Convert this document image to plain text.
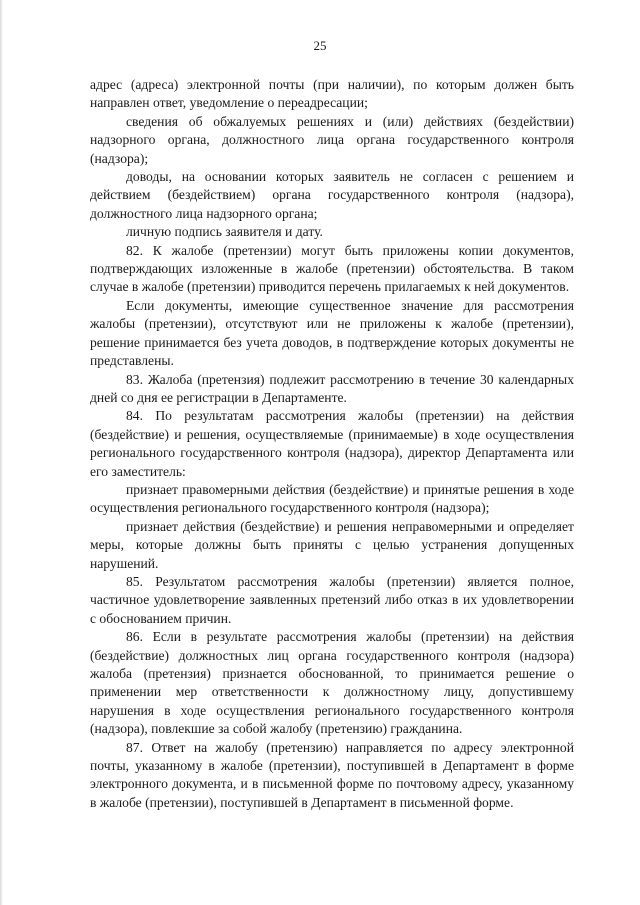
25

адрес (адреса) электронной почты (при наличии), по которым должен быть направлен ответ, уведомление о переадресации;

сведения об обжалуемых решениях и (или) действиях (бездействии) надзорного органа, должностного лица органа государственного контроля (надзора);

доводы, на основании которых заявитель не согласен с решением и действием (бездействием) органа государственного контроля (надзора), должностного лица надзорного органа;

личную подпись заявителя и дату.

82. К жалобе (претензии) могут быть приложены копии документов, подтверждающих изложенные в жалобе (претензии) обстоятельства. В таком случае в жалобе (претензии) приводится перечень прилагаемых к ней документов.

Если документы, имеющие существенное значение для рассмотрения жалобы (претензии), отсутствуют или не приложены к жалобе (претензии), решение принимается без учета доводов, в подтверждение которых документы не представлены.

83. Жалоба (претензия) подлежит рассмотрению в течение 30 календарных дней со дня ее регистрации в Департаменте.

84. По результатам рассмотрения жалобы (претензии) на действия (бездействие) и решения, осуществляемые (принимаемые) в ходе осуществления регионального государственного контроля (надзора), директор Департамента или его заместитель:

признает правомерными действия (бездействие) и принятые решения в ходе осуществления регионального государственного контроля (надзора);

признает действия (бездействие) и решения неправомерными и определяет меры, которые должны быть приняты с целью устранения допущенных нарушений.

85. Результатом рассмотрения жалобы (претензии) является полное, частичное удовлетворение заявленных претензий либо отказ в их удовлетворении с обоснованием причин.

86. Если в результате рассмотрения жалобы (претензии) на действия (бездействие) должностных лиц органа государственного контроля (надзора) жалоба (претензия) признается обоснованной, то принимается решение о применении мер ответственности к должностному лицу, допустившему нарушения в ходе осуществления регионального государственного контроля (надзора), повлекшие за собой жалобу (претензию) гражданина.

87. Ответ на жалобу (претензию) направляется по адресу электронной почты, указанному в жалобе (претензии), поступившей в Департамент в форме электронного документа, и в письменной форме по почтовому адресу, указанному в жалобе (претензии), поступившей в Департамент в письменной форме.
